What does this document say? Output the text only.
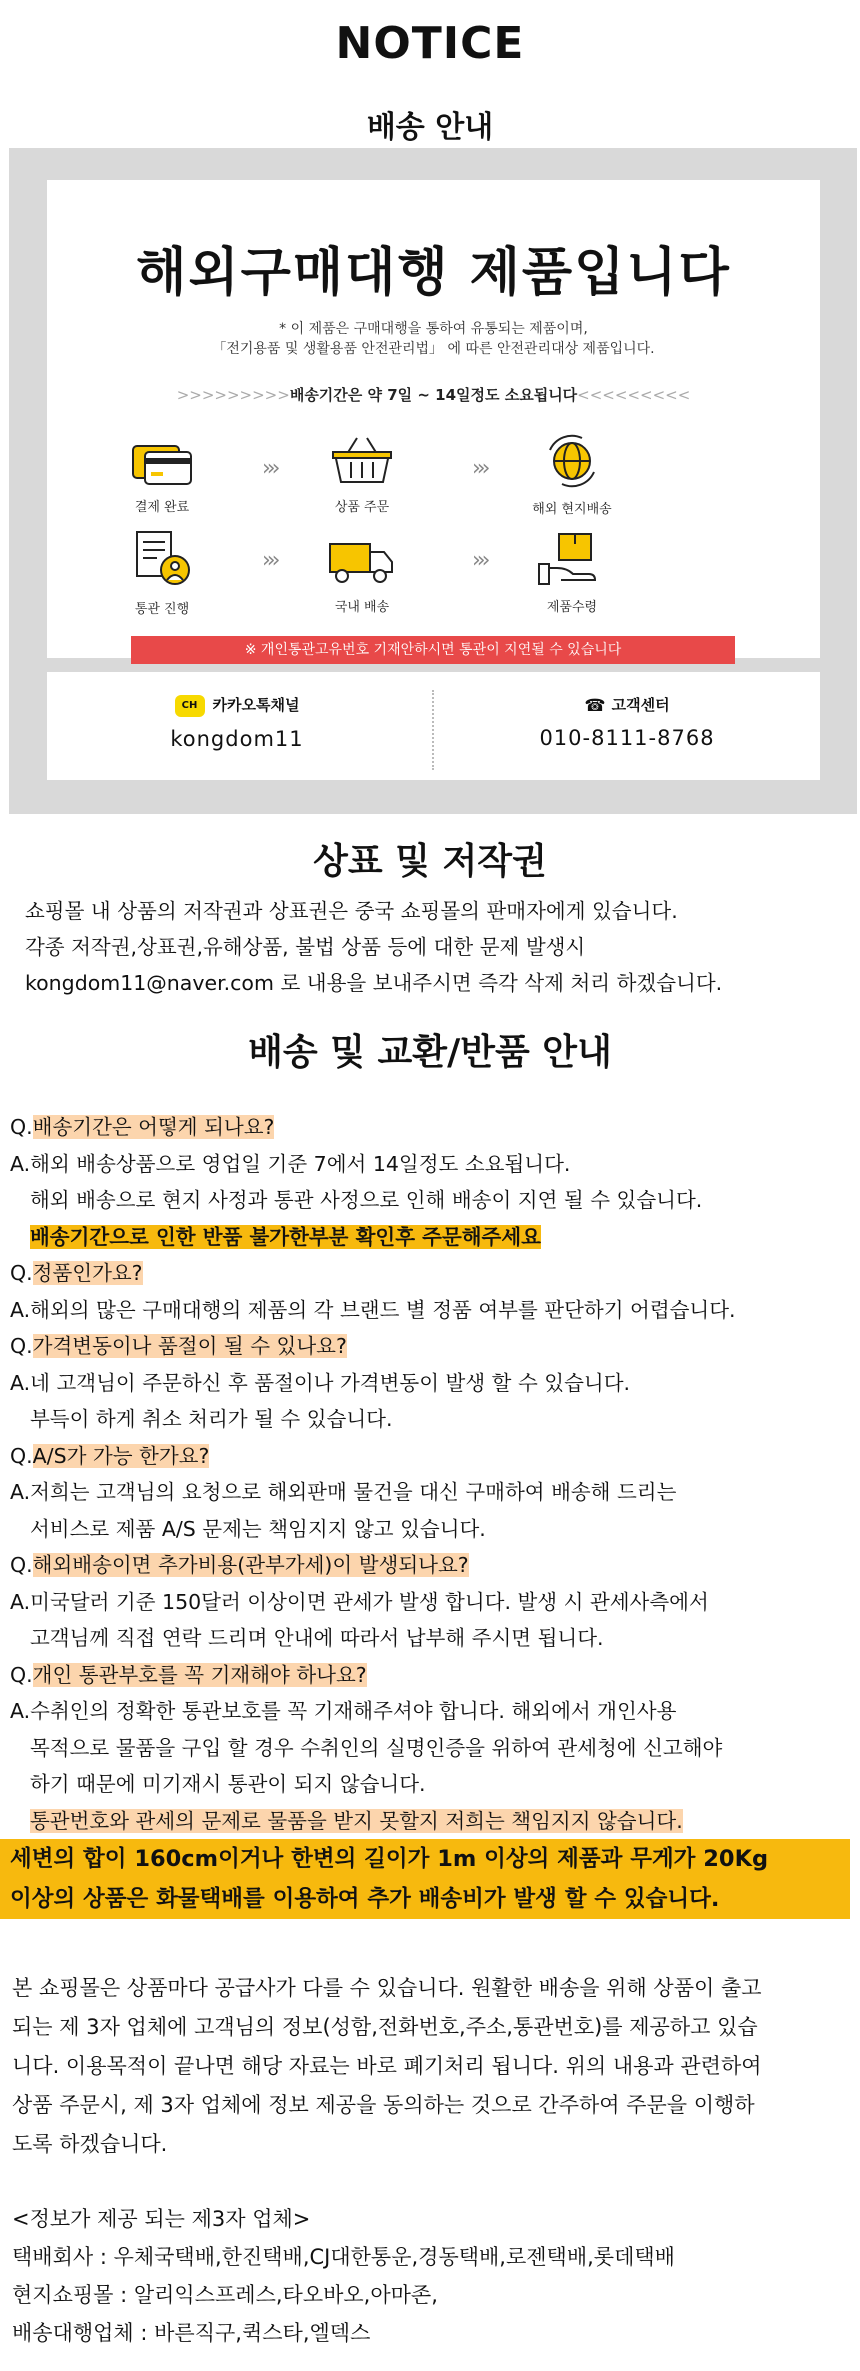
NOTICE
배송 안내
해외구매대행 제품입니다
* 이 제품은 구매대행을 통하여 유통되는 제품이며,
「전기용품 및 생활용품 안전관리법」 에 따른 안전관리대상 제품입니다.
>>>>>>>>>배송기간은 약 7일 ~ 14일정도 소요됩니다<<<<<<<<<
결제 완료
›››
상품 주문
›››
해외 현지배송
통관 진행
›››
국내 배송
›››
제품수령
※ 개인통관고유번호 기재안하시면 통관이 지연될 수 있습니다
CH 카카오톡채널
kongdom11
☎ 고객센터
010-8111-8768
상표 및 저작권
쇼핑몰 내 상품의 저작권과 상표권은 중국 쇼핑몰의 판매자에게 있습니다.
각종 저작권,상표권,유해상품, 불법 상품 등에 대한 문제 발생시
kongdom11@naver.com 로 내용을 보내주시면 즉각 삭제 처리 하겠습니다.
배송 및 교환/반품 안내
Q.배송기간은 어떻게 되나요?
A.해외 배송상품으로 영업일 기준 7에서 14일정도 소요됩니다.
해외 배송으로 현지 사정과 통관 사정으로 인해 배송이 지연 될 수 있습니다.
배송기간으로 인한 반품 불가한부분 확인후 주문해주세요
Q.정품인가요?
A.해외의 많은 구매대행의 제품의 각 브랜드 별 정품 여부를 판단하기 어렵습니다.
Q.가격변동이나 품절이 될 수 있나요?
A.네 고객님이 주문하신 후 품절이나 가격변동이 발생 할 수 있습니다.
부득이 하게 취소 처리가 될 수 있습니다.
Q.A/S가 가능 한가요?
A.저희는 고객님의 요청으로 해외판매 물건을 대신 구매하여 배송해 드리는
서비스로 제품 A/S 문제는 책임지지 않고 있습니다.
Q.해외배송이면 추가비용(관부가세)이 발생되나요?
A.미국달러 기준 150달러 이상이면 관세가 발생 합니다. 발생 시 관세사측에서
고객님께 직접 연락 드리며 안내에 따라서 납부해 주시면 됩니다.
Q.개인 통관부호를 꼭 기재해야 하나요?
A.수취인의 정확한 통관보호를 꼭 기재해주셔야 합니다. 해외에서 개인사용
목적으로 물품을 구입 할 경우 수취인의 실명인증을 위하여 관세청에 신고해야
하기 때문에 미기재시 통관이 되지 않습니다.
통관번호와 관세의 문제로 물품을 받지 못할지 저희는 책임지지 않습니다.
세변의 합이 160cm이거나 한변의 길이가 1m 이상의 제품과 무게가 20Kg
이상의 상품은 화물택배를 이용하여 추가 배송비가 발생 할 수 있습니다.
본 쇼핑몰은 상품마다 공급사가 다를 수 있습니다. 원활한 배송을 위해 상품이 출고
되는 제 3자 업체에 고객님의 정보(성함,전화번호,주소,통관번호)를 제공하고 있습
니다. 이용목적이 끝나면 해당 자료는 바로 폐기처리 됩니다. 위의 내용과 관련하여
상품 주문시, 제 3자 업체에 정보 제공을 동의하는 것으로 간주하여 주문을 이행하
도록 하겠습니다.
<정보가 제공 되는 제3자 업체>
택배회사 : 우체국택배,한진택배,CJ대한통운,경동택배,로젠택배,롯데택배
현지쇼핑몰 : 알리익스프레스,타오바오,아마존,
배송대행업체 : 바른직구,퀵스타,엘덱스
